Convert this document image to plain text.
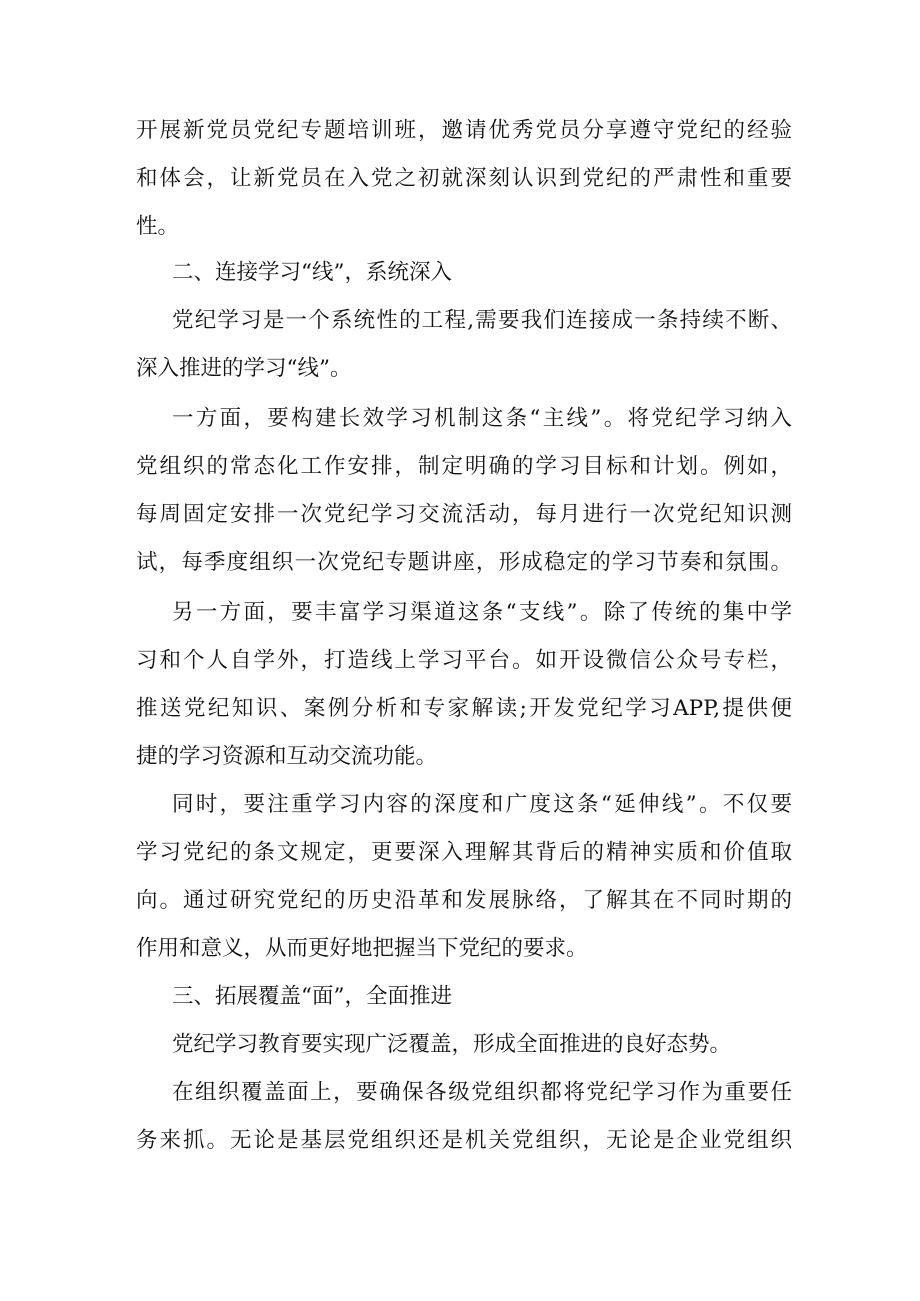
开展新党员党纪专题培训班，邀请优秀党员分享遵守党纪的经验
和体会，让新党员在入党之初就深刻认识到党纪的严肃性和重要
性。
二、连接学习“线”，系统深入
党纪学习是一个系统性的工程,需要我们连接成一条持续不断、
深入推进的学习“线”。
一方面，要构建长效学习机制这条“主线”。将党纪学习纳入
党组织的常态化工作安排，制定明确的学习目标和计划。例如，
每周固定安排一次党纪学习交流活动，每月进行一次党纪知识测
试，每季度组织一次党纪专题讲座，形成稳定的学习节奏和氛围。
另一方面，要丰富学习渠道这条“支线”。除了传统的集中学
习和个人自学外，打造线上学习平台。如开设微信公众号专栏，
推送党纪知识、案例分析和专家解读;开发党纪学习APP,提供便
捷的学习资源和互动交流功能。
同时，要注重学习内容的深度和广度这条“延伸线”。不仅要
学习党纪的条文规定，更要深入理解其背后的精神实质和价值取
向。通过研究党纪的历史沿革和发展脉络，了解其在不同时期的
作用和意义，从而更好地把握当下党纪的要求。
三、拓展覆盖“面”，全面推进
党纪学习教育要实现广泛覆盖，形成全面推进的良好态势。
在组织覆盖面上，要确保各级党组织都将党纪学习作为重要任
务来抓。无论是基层党组织还是机关党组织，无论是企业党组织
